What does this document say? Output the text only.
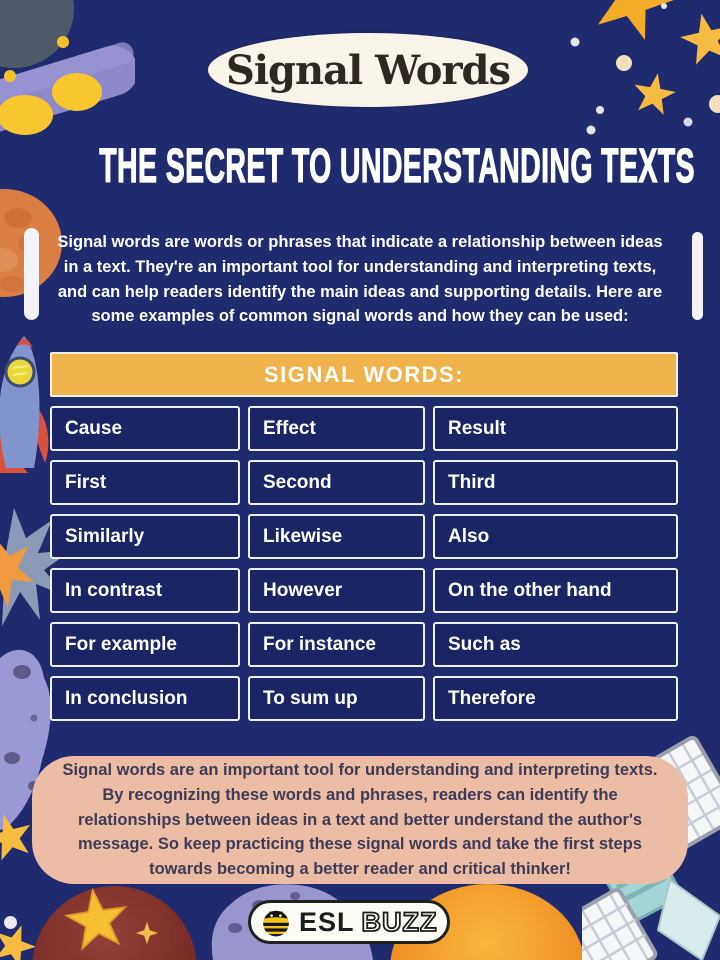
Signal Words
THE SECRET TO UNDERSTANDING TEXTS
Signal words are words or phrases that indicate a relationship between ideas in a text. They're an important tool for understanding and interpreting texts, and can help readers identify the main ideas and supporting details. Here are some examples of common signal words and how they can be used:
SIGNAL WORDS:
Cause	Effect	Result
First	Second	Third
Similarly	Likewise	Also
In contrast	However	On the other hand
For example	For instance	Such as
In conclusion	To sum up	Therefore
Signal words are an important tool for understanding and interpreting texts. By recognizing these words and phrases, readers can identify the relationships between ideas in a text and better understand the author's message. So keep practicing these signal words and take the first steps towards becoming a better reader and critical thinker!
ESL BUZZ
